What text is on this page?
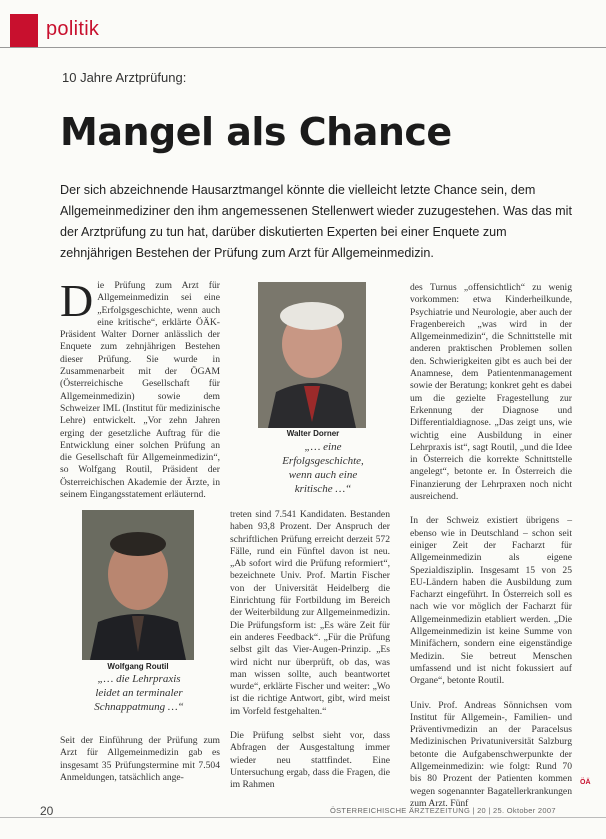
politik
10 Jahre Arztprüfung:
Mangel als Chance
Der sich abzeichnende Hausarztmangel könnte die vielleicht letzte Chance sein, dem Allgemeinmediziner den ihm angemessenen Stellenwert wieder zuzugestehen. Was das mit der Arztprüfung zu tun hat, darüber diskutierten Experten bei einer Enquete zum zehnjährigen Bestehen der Prüfung zum Arzt für Allgemeinmedizin.
D ie Prüfung zum Arzt für Allgemeinmedizin sei eine „Erfolgsgeschichte, wenn auch eine kritische“, erklärte ÖÄK-Präsident Walter Dorner anlässlich der Enquete zum zehnjährigen Bestehen dieser Prüfung. Sie wurde in Zusammenarbeit mit der ÖGAM (Österreichische Gesellschaft für Allgemeinmedizin) sowie dem Schweizer IML (Institut für medizinische Lehre) entwickelt. „Vor zehn Jahren erging der gesetzliche Auftrag für die Entwicklung einer solchen Prüfung an die Gesellschaft für Allgemeinmedizin“, so Wolfgang Routil, Präsident der Österreichischen Akademie der Ärzte, in seinem Eingangsstatement erläuternd.
Walter Dorner
„… eine Erfolgsgeschichte, wenn auch eine kritische …“
Wolfgang Routil
„… die Lehrpraxis leidet an terminaler Schnappatmung …“
Seit der Einführung der Prüfung zum Arzt für Allgemeinmedizin gab es insgesamt 35 Prüfungstermine mit 7.504 Anmeldungen, tatsächlich ange-

treten sind 7.541 Kandidaten. Bestanden haben 93,8 Prozent. Der Anspruch der schriftlichen Prüfung erreicht derzeit 572 Fälle, rund ein Fünftel davon ist neu. „Ab sofort wird die Prüfung reformiert“, bezeichnete Univ. Prof. Martin Fischer von der Universität Heidelberg die Einrichtung für Fortbildung im Bereich der Weiterbildung zur Allgemeinmedizin. Die Prüfungsform ist: „Es wäre Zeit für ein anderes Feedback“. „Für die Prüfung selbst gilt das Vier-Augen-Prinzip. „Es wird nicht nur überprüft, ob das, was man wissen sollte, auch beantwortet wurde“, erklärte Fischer und weiter: „Wo ist die richtige Antwort, gibt, wird meist im Vorfeld festgehalten.“

Die Prüfung selbst sieht vor, dass Abfragen der Ausgestaltung immer wieder neu stattfindet. Eine Untersuchung ergab, dass die Fragen, die im Rahmen

des Turnus „offensichtlich“ zu wenig vorkommen: etwa Kinderheilkunde, Psychiatrie und Neurologie, aber auch der Fragenbereich „was wird in der Allgemeinmedizin“, die Schnittstelle mit anderen praktischen Problemen sollen den. Schwierigkeiten gibt es auch bei der Anamnese, dem Patientenmanagement sowie der Beratung; konkret geht es dabei um die gezielte Fragestellung zur Erkennung der Diagnose und Differentialdiagnose. „Das zeigt uns, wie wichtig eine Ausbildung in einer Lehrpraxis ist“, sagt Routil, „und die Idee in Österreich die korrekte Schnittstelle angelegt“, betonte er. In Österreich die Finanzierung der Lehrpraxen noch nicht ausreichend.

In der Schweiz existiert übrigens – ebenso wie in Deutschland – schon seit einiger Zeit der Facharzt für Allgemeinmedizin als eigene Spezialdisziplin. Insgesamt 15 von 25 EU-Ländern haben die Ausbildung zum Facharzt eingeführt. In Österreich soll es nach wie vor möglich der Facharzt für Allgemeinmedizin etabliert werden. „Die Allgemeinmedizin ist keine Summe von Minifächern, sondern eine eigenständige Medizin. Sie betreut Menschen umfassend und ist nicht fokussiert auf Organe“, betonte Routil.

Univ. Prof. Andreas Sönnichsen vom Institut für Allgemein-, Familien- und Präventivmedizin an der Paracelsus Medizinischen Privatuniversität Salzburg betonte die Aufgabenschwerpunkte der Allgemeinmedizin: wie folgt: Rund 70 bis 80 Prozent der Patienten kommen wegen sogenannter Bagatellerkrankungen zum Arzt. Fünf

ÖÄ
20	ÖSTERREICHISCHE ÄRZTEZEITUNG | 20 | 25. Oktober 2007
